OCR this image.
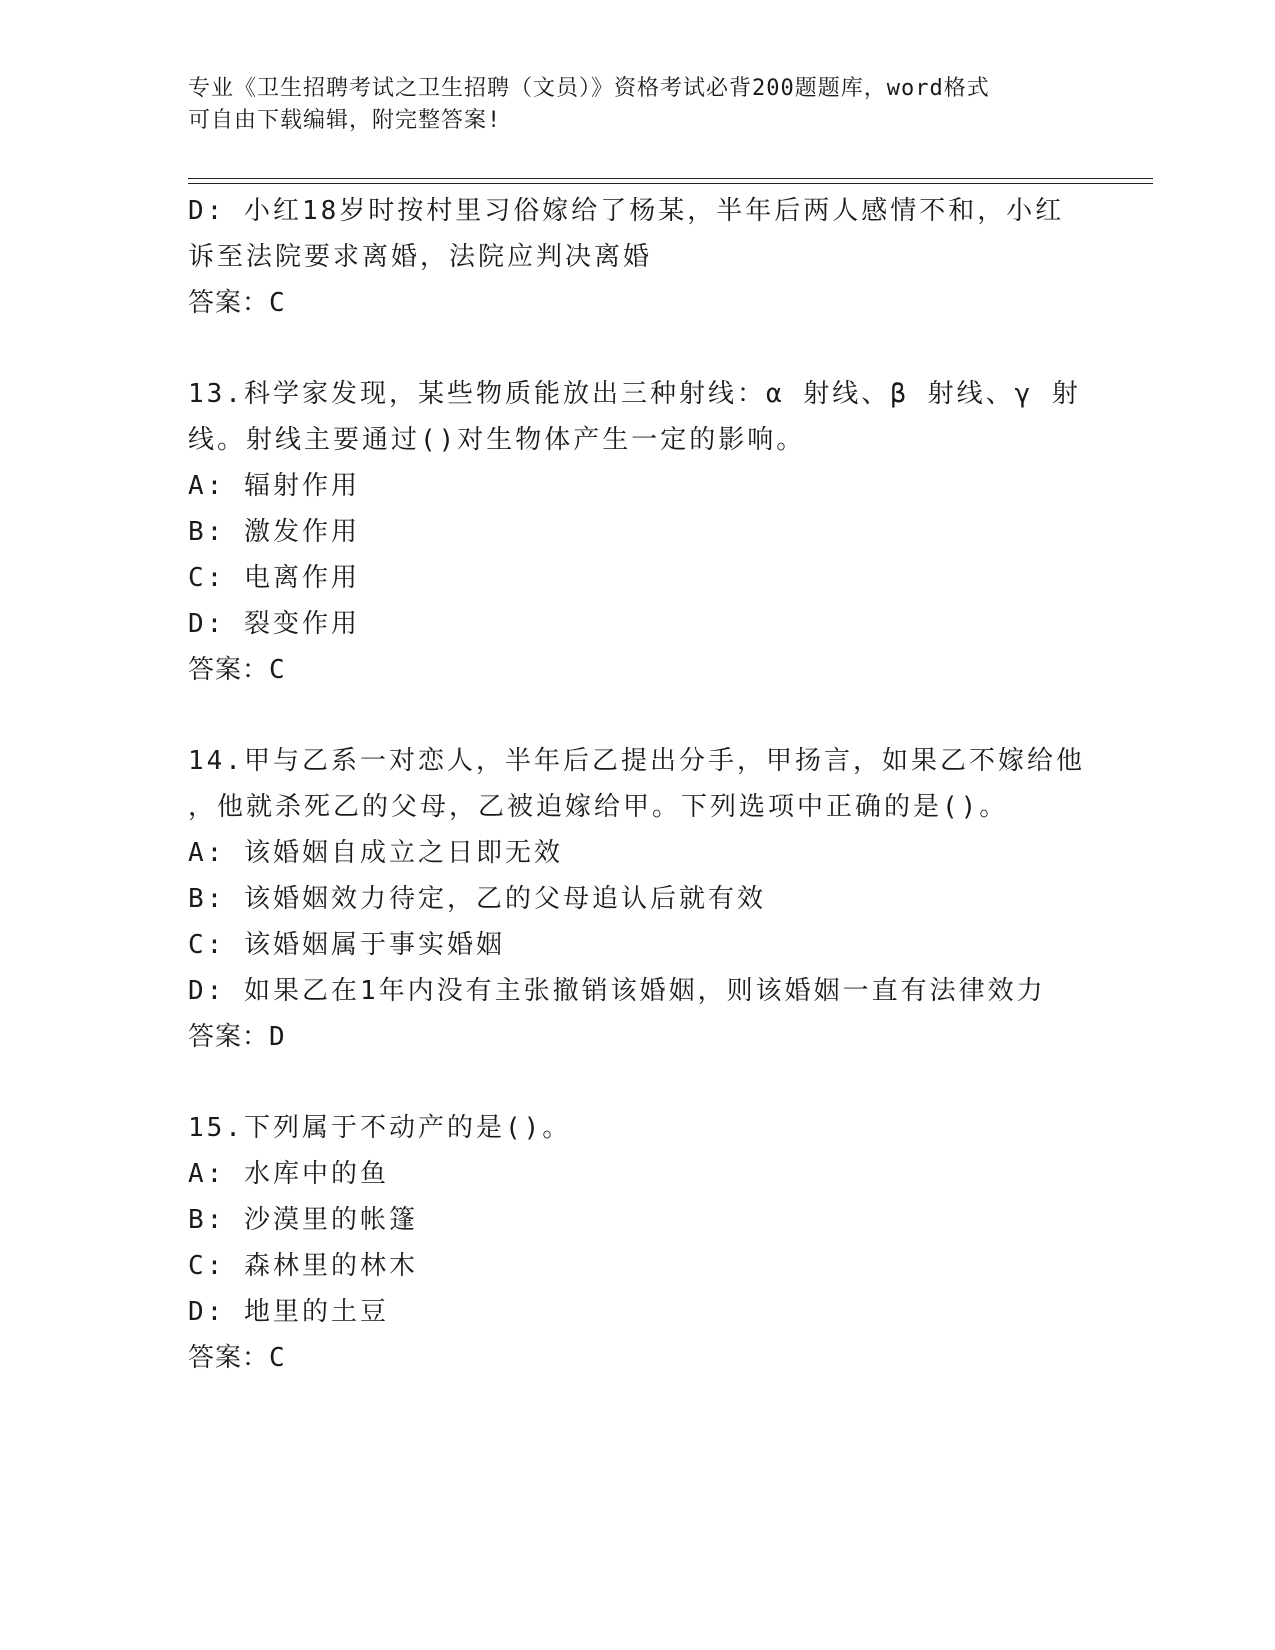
专业《卫生招聘考试之卫生招聘（文员）》资格考试必背200题题库，word格式
可自由下载编辑，附完整答案!
D: 小红18岁时按村里习俗嫁给了杨某，半年后两人感情不和，小红
诉至法院要求离婚，法院应判决离婚
答案：C
13.科学家发现，某些物质能放出三种射线：α 射线、β 射线、γ 射
线。射线主要通过()对生物体产生一定的影响。
A: 辐射作用
B: 激发作用
C: 电离作用
D: 裂变作用
答案：C
14.甲与乙系一对恋人，半年后乙提出分手，甲扬言，如果乙不嫁给他
，他就杀死乙的父母，乙被迫嫁给甲。下列选项中正确的是()。
A: 该婚姻自成立之日即无效
B: 该婚姻效力待定，乙的父母追认后就有效
C: 该婚姻属于事实婚姻
D: 如果乙在1年内没有主张撤销该婚姻，则该婚姻一直有法律效力
答案：D
15.下列属于不动产的是()。
A: 水库中的鱼
B: 沙漠里的帐篷
C: 森林里的林木
D: 地里的土豆
答案：C
